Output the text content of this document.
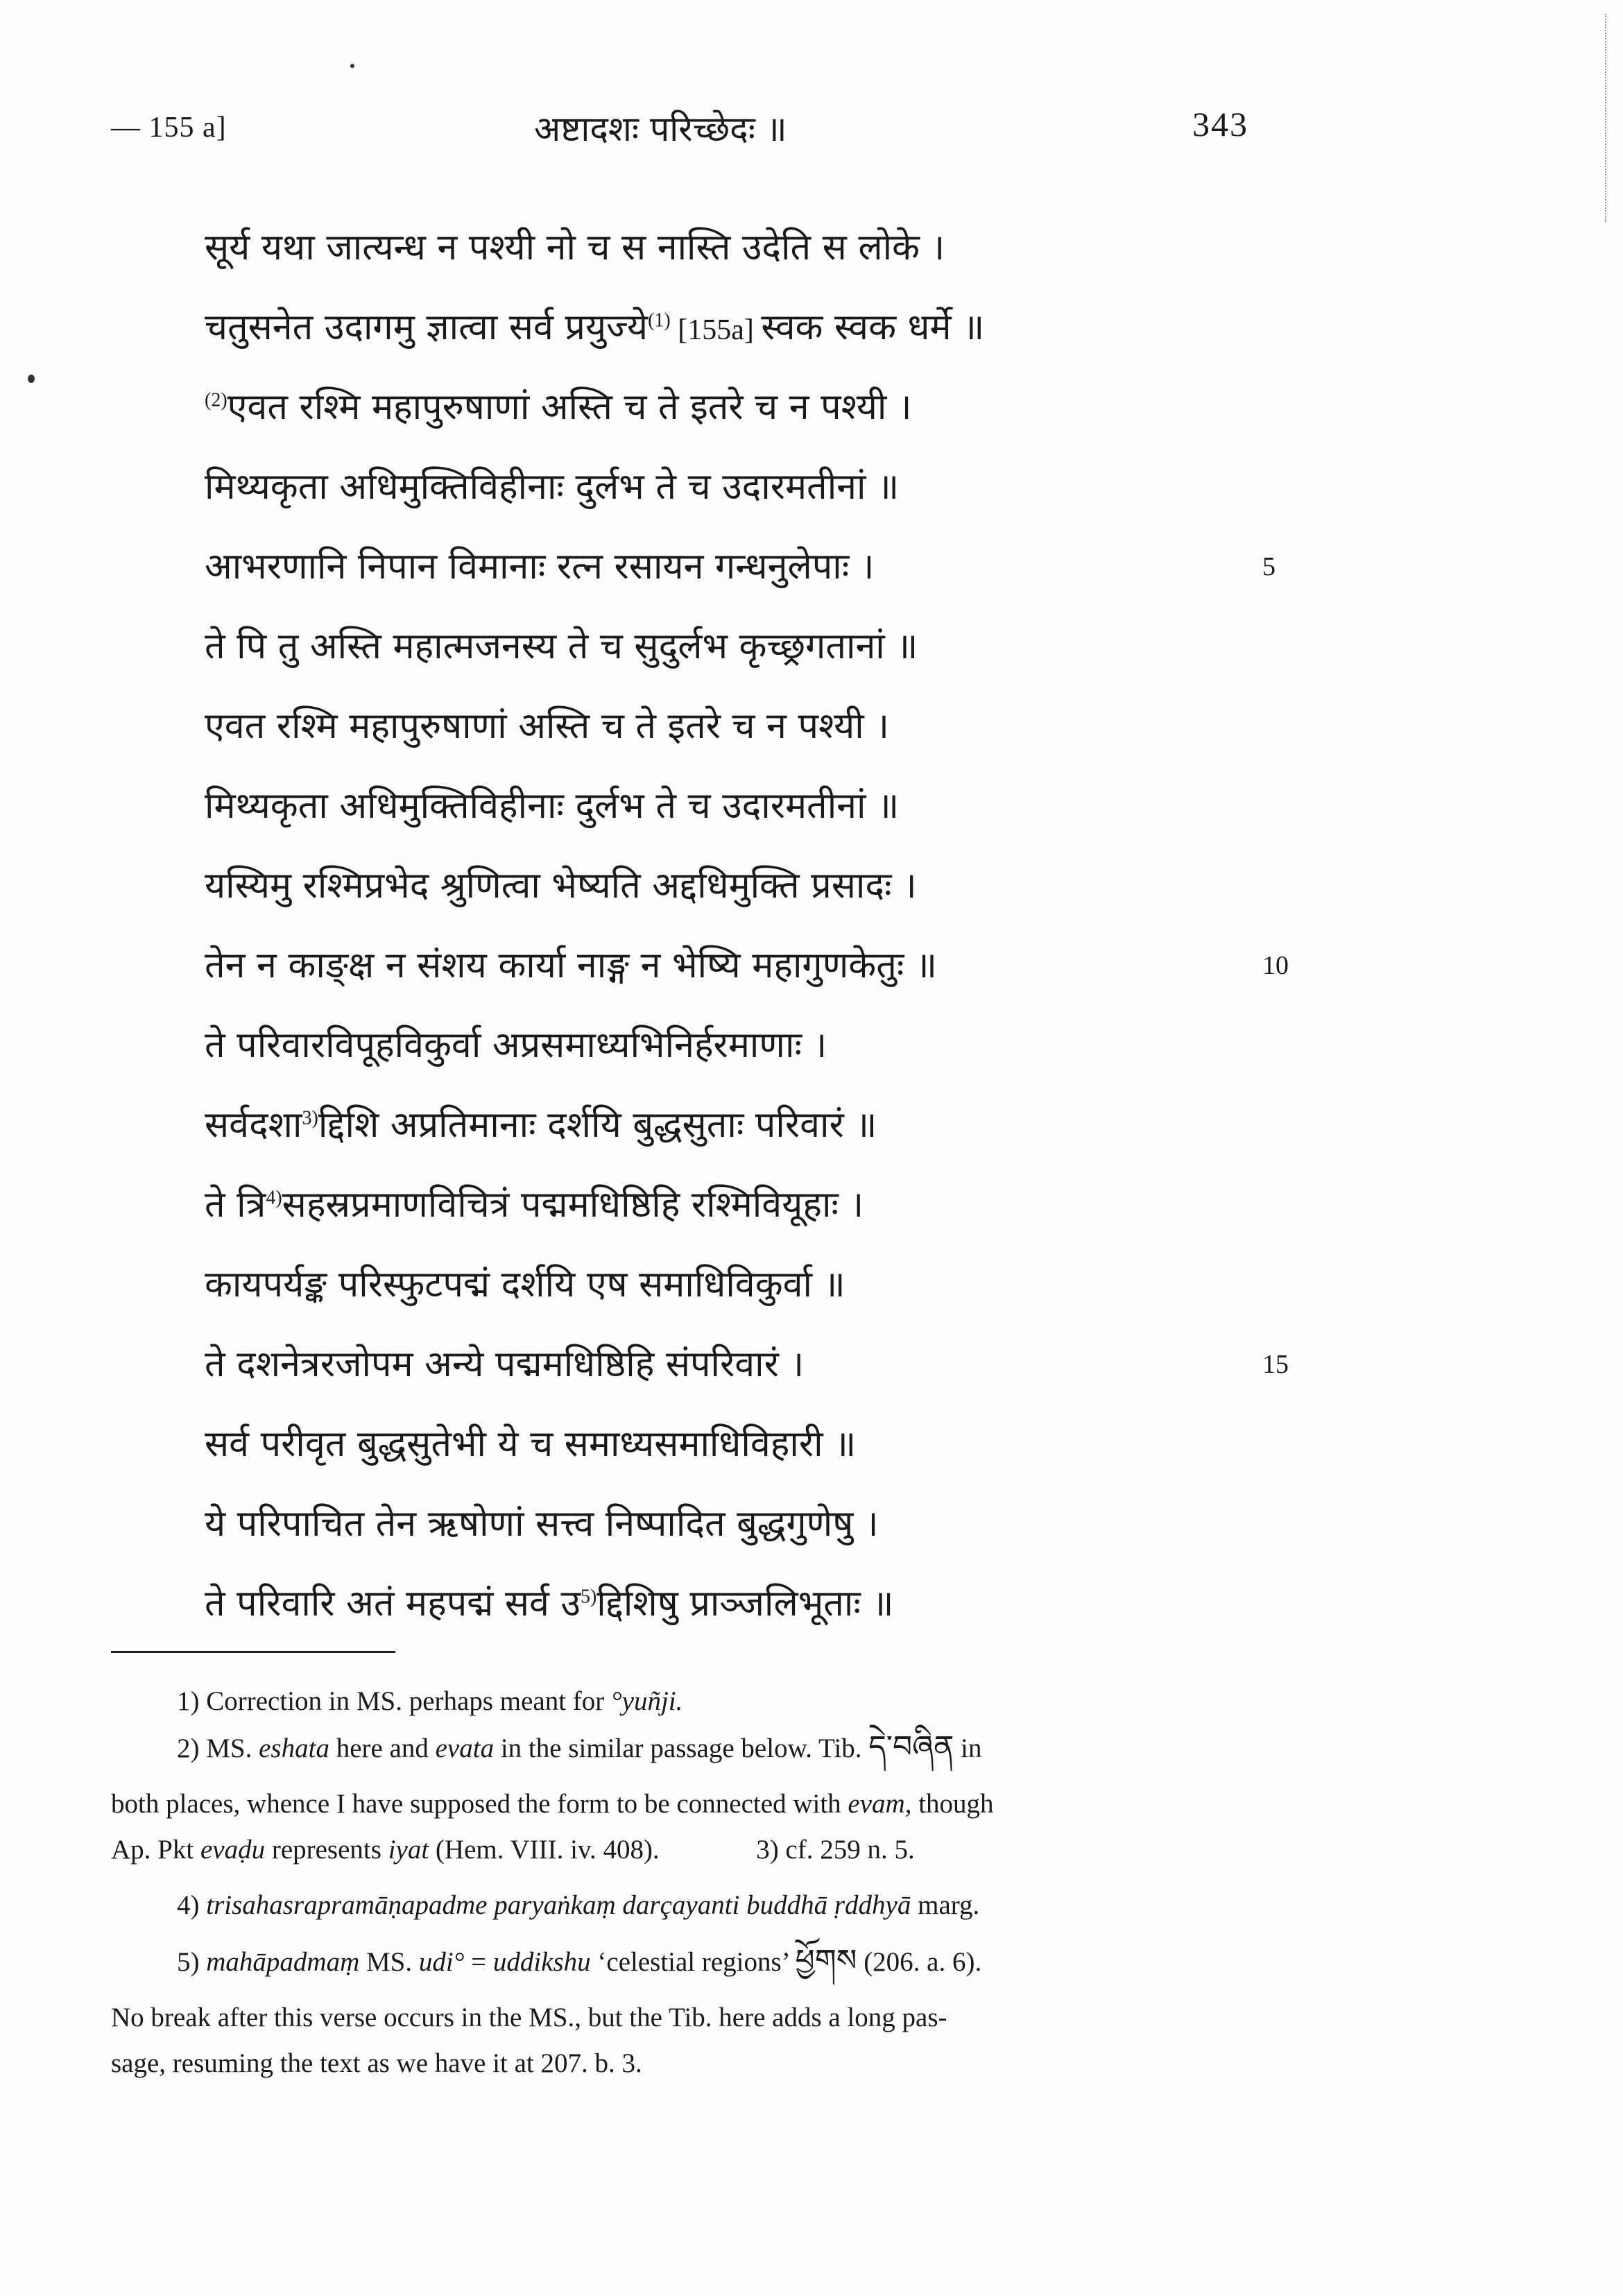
— 155 a]	अष्टादशः परिच्छेदः ॥	343
सूर्य यथा जात्यन्ध न पश्यी नो च स नास्ति उदेति स लोके ।
चतुसनेत उदागमु ज्ञात्वा सर्व प्रयुज्ये$^{(1)}$ [155a] स्वक स्वक धर्मे ॥
$^{(2)}$एवत रश्मि महापुरुषाणां अस्ति च ते इतरे च न पश्यी ।
मिथ्यकृता अधिमुक्तिविहीनाः दुर्लभ ते च उदारमतीनां ॥
आभरणानि निपान विमानाः रत्न रसायन गन्धनुलेपाः ।	5
ते पि तु अस्ति महात्मजनस्य ते च सुदुर्लभ कृच्छ्रगतानां ॥
एवत रश्मि महापुरुषाणां अस्ति च ते इतरे च न पश्यी ।
मिथ्यकृता अधिमुक्तिविहीनाः दुर्लभ ते च उदारमतीनां ॥
यस्यिमु रश्मिप्रभेद श्रुणित्वा भेष्यति अद्दधिमुक्ति प्रसादः ।
तेन न काङ्क्ष न संशय कार्या नाङ्ग न भेष्यि महागुणकेतुः ॥	10
ते परिवारविपूहविकुर्वा अप्रसमाध्यभिनिर्हरमाणाः ।
सर्वदशा$^{3)}$द्दिशि अप्रतिमानाः दर्शयि बुद्धसुताः परिवारं ॥
ते त्रि$^{4)}$सहस्रप्रमाणविचित्रं पद्ममधिष्ठिहि रश्मिवियूहाः ।
कायपर्यङ्क परिस्फुटपद्मं दर्शयि एष समाधिविकुर्वा ॥
ते दशनेत्ररजोपम अन्ये पद्ममधिष्ठिहि संपरिवारं ।	15
सर्व परीवृत बुद्धसुतेभी ये च समाध्यसमाधिविहारी ॥
ये परिपाचित तेन ऋषोणां सत्त्व निष्पादित बुद्धगुणेषु ।
ते परिवारि अतं महपद्मं सर्व उ$^{5)}$द्दिशिषु प्राञ्जलिभूताः ॥
1) Correction in MS. perhaps meant for °yuñji.
2) MS. eshata here and evata in the similar passage below. Tib. དེ་བཞིན in
both places, whence I have supposed the form to be connected with evam, though
Ap. Pkt evaḍu represents iyat (Hem. VIII. iv. 408).	3) cf. 259 n. 5.
4) trisahasrapramāṇapadme paryaṅkaṃ darçayanti buddhā ṛddhyā marg.
5) mahāpadmaṃ MS. udi° = uddikshu ‘celestial regions’ ཕྱོགས (206. a. 6).
No break after this verse occurs in the MS., but the Tib. here adds a long pas-
sage, resuming the text as we have it at 207. b. 3.
